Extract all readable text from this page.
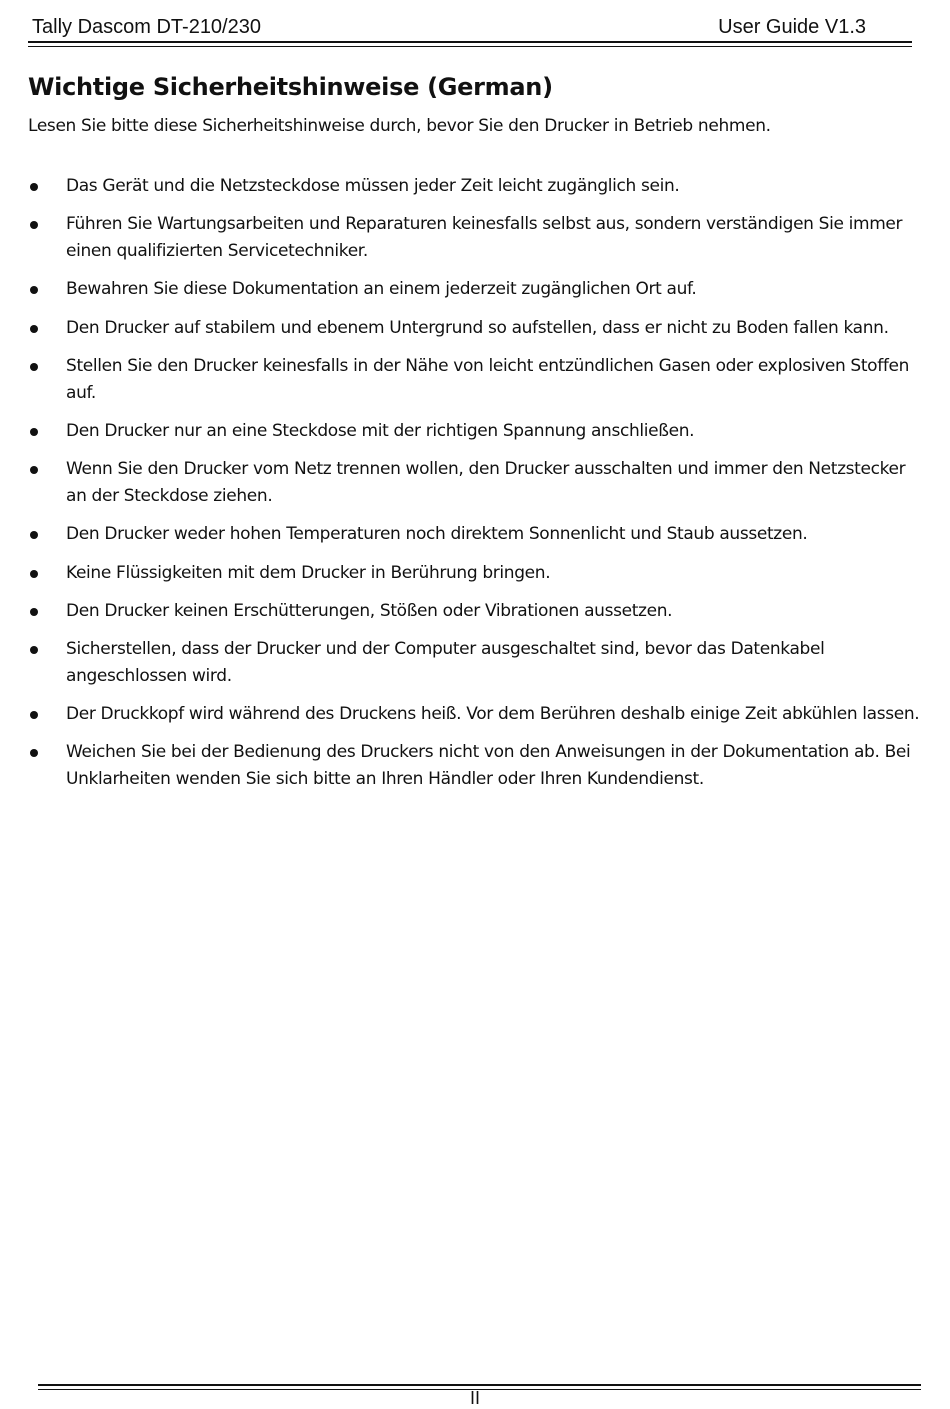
Tally Dascom DT-210/230	User Guide V1.3
Wichtige Sicherheitshinweise (German)

Lesen Sie bitte diese Sicherheitshinweise durch, bevor Sie den Drucker in Betrieb nehmen.

Das Gerät und die Netzsteckdose müssen jeder Zeit leicht zugänglich sein.
Führen Sie Wartungsarbeiten und Reparaturen keinesfalls selbst aus, sondern verständigen Sie immer einen qualifizierten Servicetechniker.
Bewahren Sie diese Dokumentation an einem jederzeit zugänglichen Ort auf.
Den Drucker auf stabilem und ebenem Untergrund so aufstellen, dass er nicht zu Boden fallen kann.
Stellen Sie den Drucker keinesfalls in der Nähe von leicht entzündlichen Gasen oder explosiven Stoffen auf.
Den Drucker nur an eine Steckdose mit der richtigen Spannung anschließen.
Wenn Sie den Drucker vom Netz trennen wollen, den Drucker ausschalten und immer den Netzstecker an der Steckdose ziehen.
Den Drucker weder hohen Temperaturen noch direktem Sonnenlicht und Staub aussetzen.
Keine Flüssigkeiten mit dem Drucker in Berührung bringen.
Den Drucker keinen Erschütterungen, Stößen oder Vibrationen aussetzen.
Sicherstellen, dass der Drucker und der Computer ausgeschaltet sind, bevor das Datenkabel angeschlossen wird.
Der Druckkopf wird während des Druckens heiß. Vor dem Berühren deshalb einige Zeit abkühlen lassen.
Weichen Sie bei der Bedienung des Druckers nicht von den Anweisungen in der Dokumentation ab. Bei Unklarheiten wenden Sie sich bitte an Ihren Händler oder Ihren Kundendienst.
II
